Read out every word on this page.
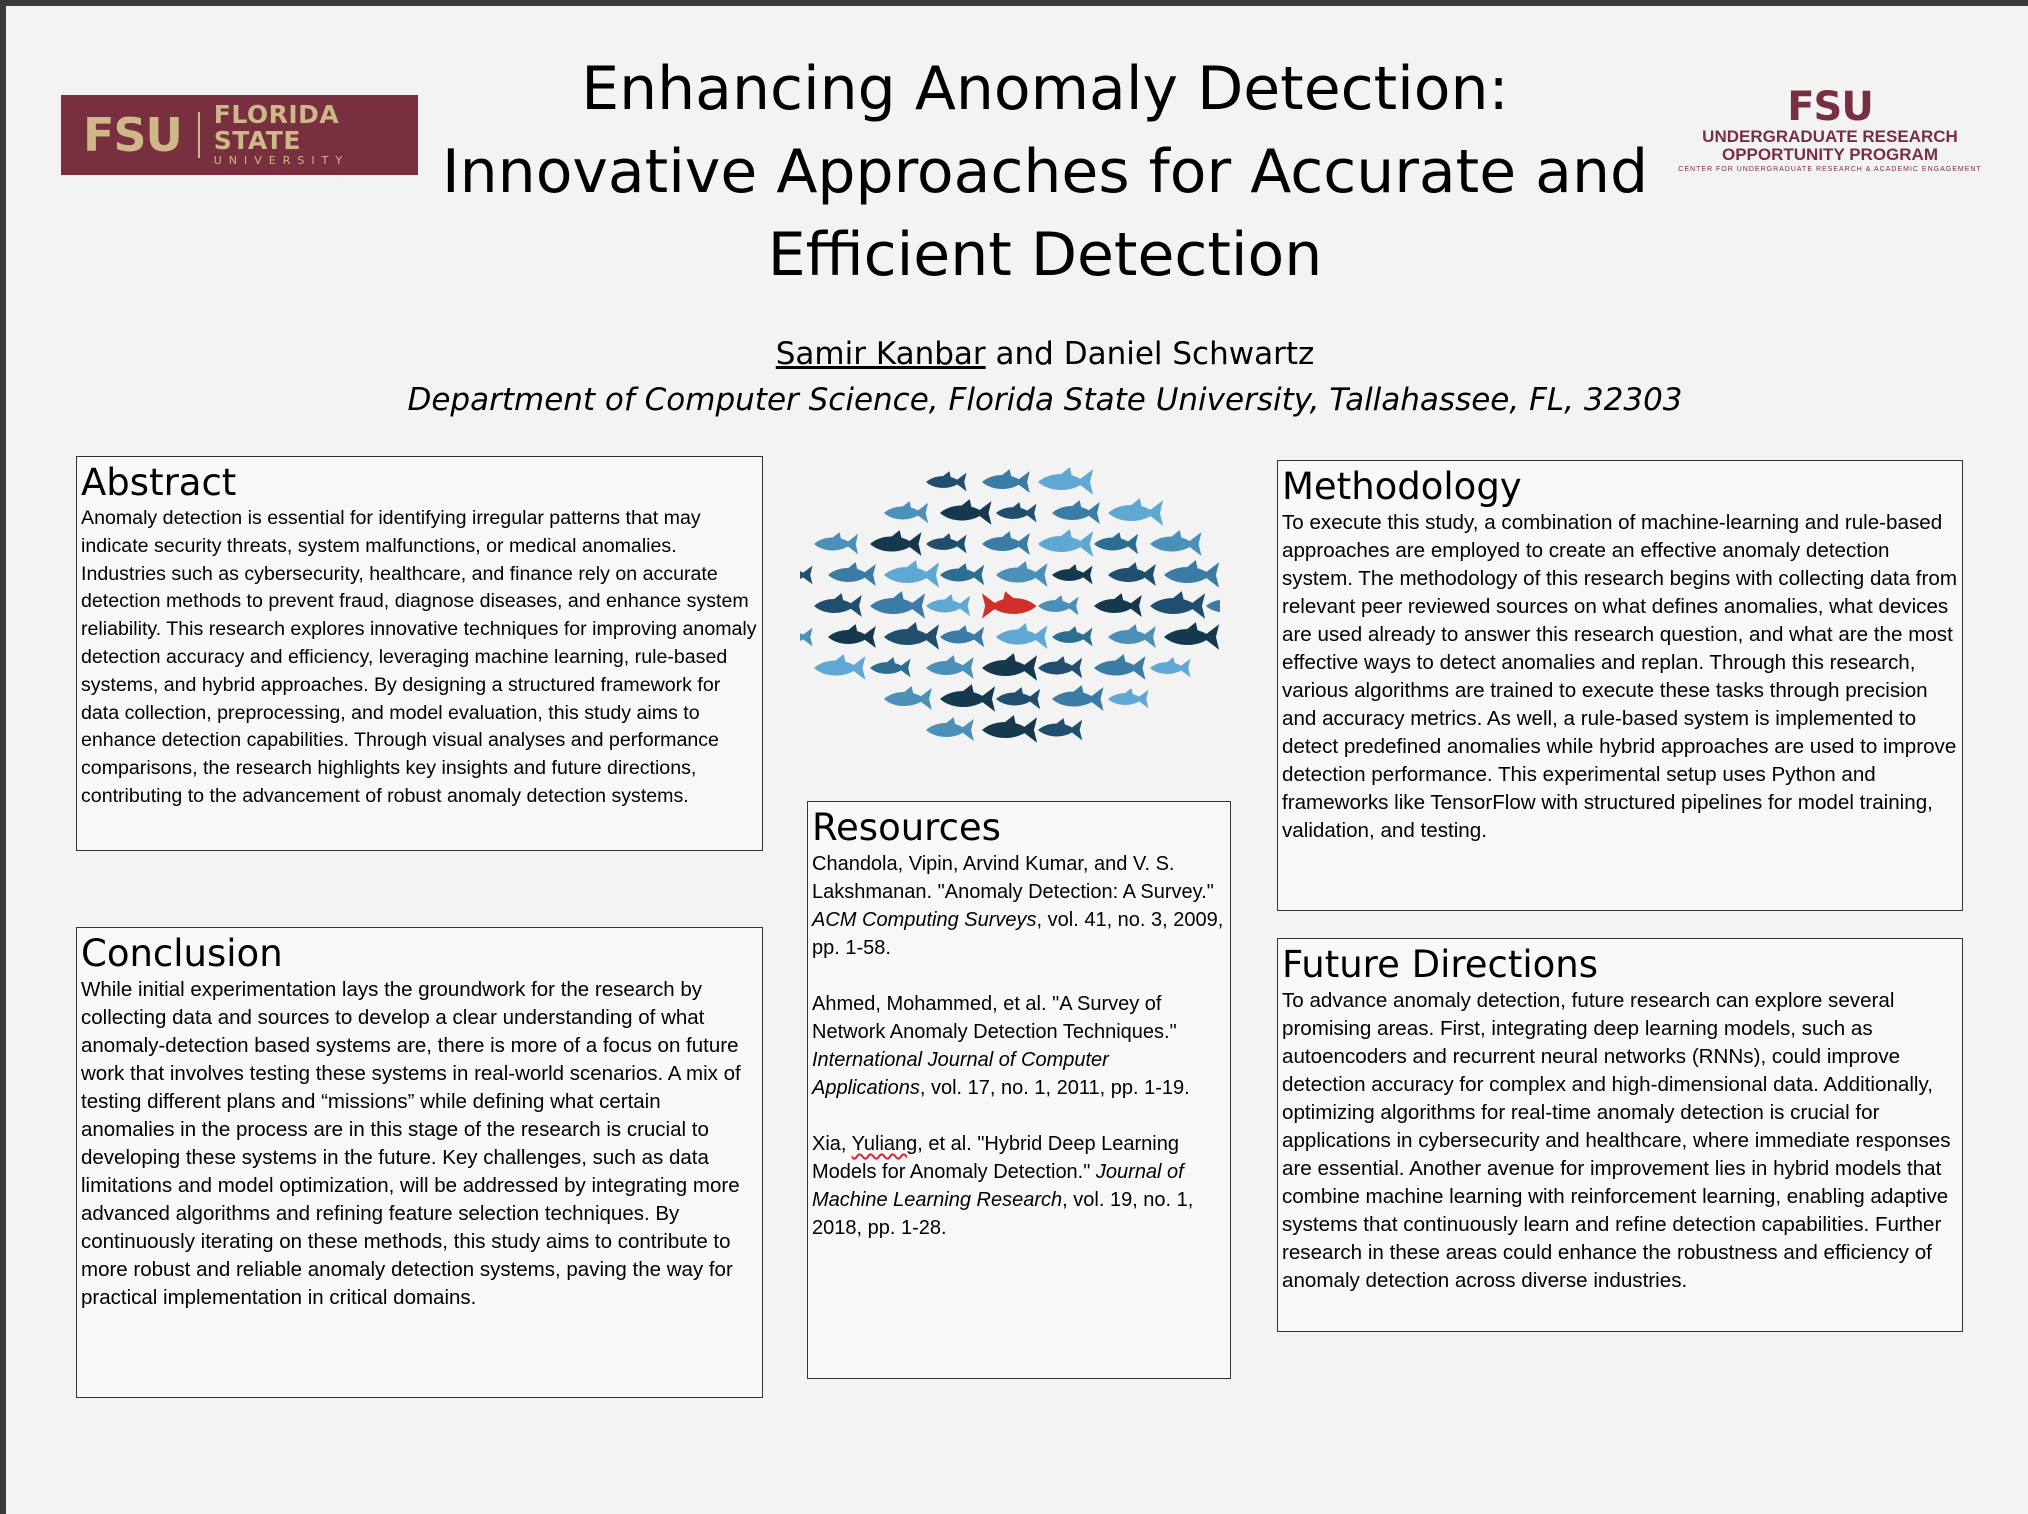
FSU FLORIDA STATE
UNIVERSITY
FSU
UNDERGRADUATE RESEARCH
OPPORTUNITY PROGRAM
CENTER FOR UNDERGRADUATE RESEARCH & ACADEMIC ENGAGEMENT
Enhancing Anomaly Detection:
Innovative Approaches for Accurate and
Efficient Detection
Samir Kanbar and Daniel Schwartz
Department of Computer Science, Florida State University, Tallahassee, FL, 32303
Abstract
Anomaly detection is essential for identifying irregular patterns that may indicate security threats, system malfunctions, or medical anomalies. Industries such as cybersecurity, healthcare, and finance rely on accurate detection methods to prevent fraud, diagnose diseases, and enhance system reliability. This research explores innovative techniques for improving anomaly detection accuracy and efficiency, leveraging machine learning, rule-based systems, and hybrid approaches. By designing a structured framework for data collection, preprocessing, and model evaluation, this study aims to enhance detection capabilities. Through visual analyses and performance comparisons, the research highlights key insights and future directions, contributing to the advancement of robust anomaly detection systems.
Conclusion
While initial experimentation lays the groundwork for the research by collecting data and sources to develop a clear understanding of what anomaly-detection based systems are, there is more of a focus on future work that involves testing these systems in real-world scenarios. A mix of testing different plans and “missions” while defining what certain anomalies in the process are in this stage of the research is crucial to developing these systems in the future. Key challenges, such as data limitations and model optimization, will be addressed by integrating more advanced algorithms and refining feature selection techniques. By continuously iterating on these methods, this study aims to contribute to more robust and reliable anomaly detection systems, paving the way for practical implementation in critical domains.
Resources
Chandola, Vipin, Arvind Kumar, and V. S. Lakshmanan. "Anomaly Detection: A Survey." ACM Computing Surveys, vol. 41, no. 3, 2009, pp. 1-58.
Ahmed, Mohammed, et al. "A Survey of Network Anomaly Detection Techniques." International Journal of Computer Applications, vol. 17, no. 1, 2011, pp. 1-19.
Xia, Yuliang, et al. "Hybrid Deep Learning Models for Anomaly Detection." Journal of Machine Learning Research, vol. 19, no. 1, 2018, pp. 1-28.
Methodology
To execute this study, a combination of machine-learning and rule-based approaches are employed to create an effective anomaly detection system. The methodology of this research begins with collecting data from relevant peer reviewed sources on what defines anomalies, what devices are used already to answer this research question, and what are the most effective ways to detect anomalies and replan. Through this research, various algorithms are trained to execute these tasks through precision and accuracy metrics. As well, a rule-based system is implemented to detect predefined anomalies while hybrid approaches are used to improve detection performance. This experimental setup uses Python and frameworks like TensorFlow with structured pipelines for model training, validation, and testing.
Future Directions
To advance anomaly detection, future research can explore several promising areas. First, integrating deep learning models, such as autoencoders and recurrent neural networks (RNNs), could improve detection accuracy for complex and high-dimensional data. Additionally, optimizing algorithms for real-time anomaly detection is crucial for applications in cybersecurity and healthcare, where immediate responses are essential. Another avenue for improvement lies in hybrid models that combine machine learning with reinforcement learning, enabling adaptive systems that continuously learn and refine detection capabilities. Further research in these areas could enhance the robustness and efficiency of anomaly detection across diverse industries.
